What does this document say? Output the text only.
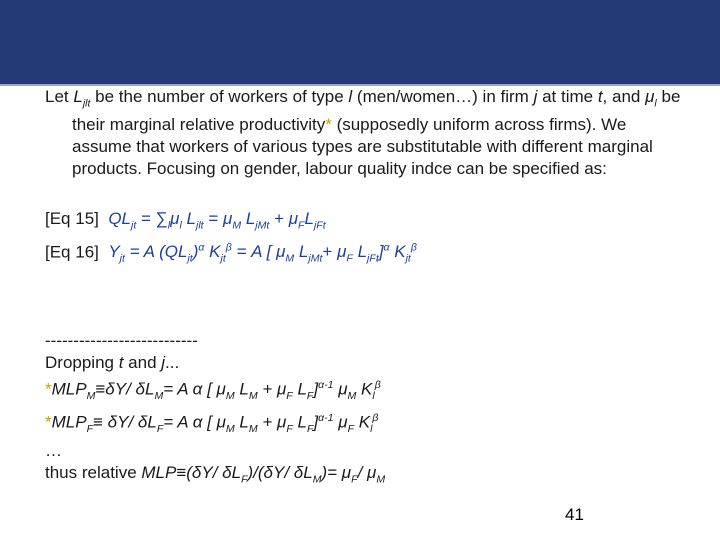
Let $L_{jlt}$ be the number of workers of type l (men/women…) in firm j at time t, and $\mu_l$ be their marginal relative productivity* (supposedly uniform across firms). We assume that workers of various types are substitutable with different marginal products. Focusing on gender, labour quality indce can be specified as:

[Eq 15] $QL_{jt} = \sum_l\mu_l$ $L_{jlt} = \mu_M$ $L_{jMt} + \mu_FL_{jFt}$

[Eq 16] $Y_{jt} = A$ $(QL_{jt})^\alpha$ $K_{jt}^\beta = A$ [ $\mu_M$ $L_{jMt}+ \mu_F$ $L_{jFt}]^\alpha$ $K_{jt}^\beta$

---------------------------

Dropping t and j...

$*MLP_M\equiv\delta Y/$ $\delta L_M= A$ α [ $\mu_M$ $L_M + \mu_F$ $L_F]^{\alpha-1}$ $\mu_M$ $K_l^\beta$

$*MLP_F\equiv \delta Y/$ $\delta L_F= A$ α [ $\mu_M$ $L_M + \mu_F$ $L_F]^{\alpha-1}$ $\mu_F$ $K_l^\beta$

…

thus relative MLP≡(δY/ $\delta L_F)/(\delta Y/$ $\delta L_M)= \mu_F/$ $\mu_M$

41
